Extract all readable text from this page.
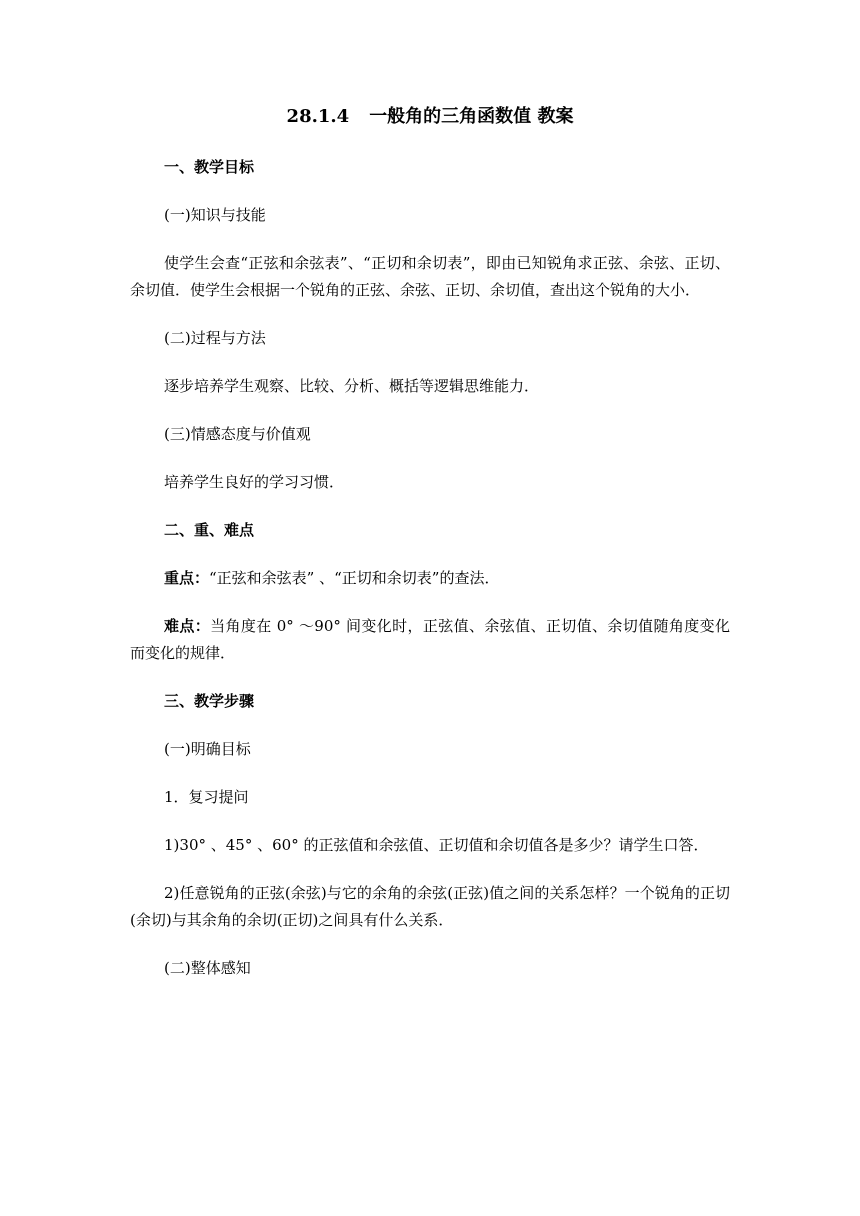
28.1.4 一般角的三角函数值 教案
一、教学目标
(一)知识与技能
使学生会查“正弦和余弦表”、“正切和余切表”，即由已知锐角求正弦、余弦、正切、余切值．使学生会根据一个锐角的正弦、余弦、正切、余切值，查出这个锐角的大小．
(二)过程与方法
逐步培养学生观察、比较、分析、概括等逻辑思维能力．
(三)情感态度与价值观
培养学生良好的学习习惯．
二、重、难点
重点：“正弦和余弦表” 、“正切和余切表”的查法．
难点：当角度在 0° ～90° 间变化时，正弦值、余弦值、正切值、余切值随角度变化而变化的规律．
三、教学步骤
(一)明确目标
1．复习提问
1)30° 、45° 、60° 的正弦值和余弦值、正切值和余切值各是多少？请学生口答．
2)任意锐角的正弦(余弦)与它的余角的余弦(正弦)值之间的关系怎样？一个锐角的正切(余切)与其余角的余切(正切)之间具有什么关系．
(二)整体感知
